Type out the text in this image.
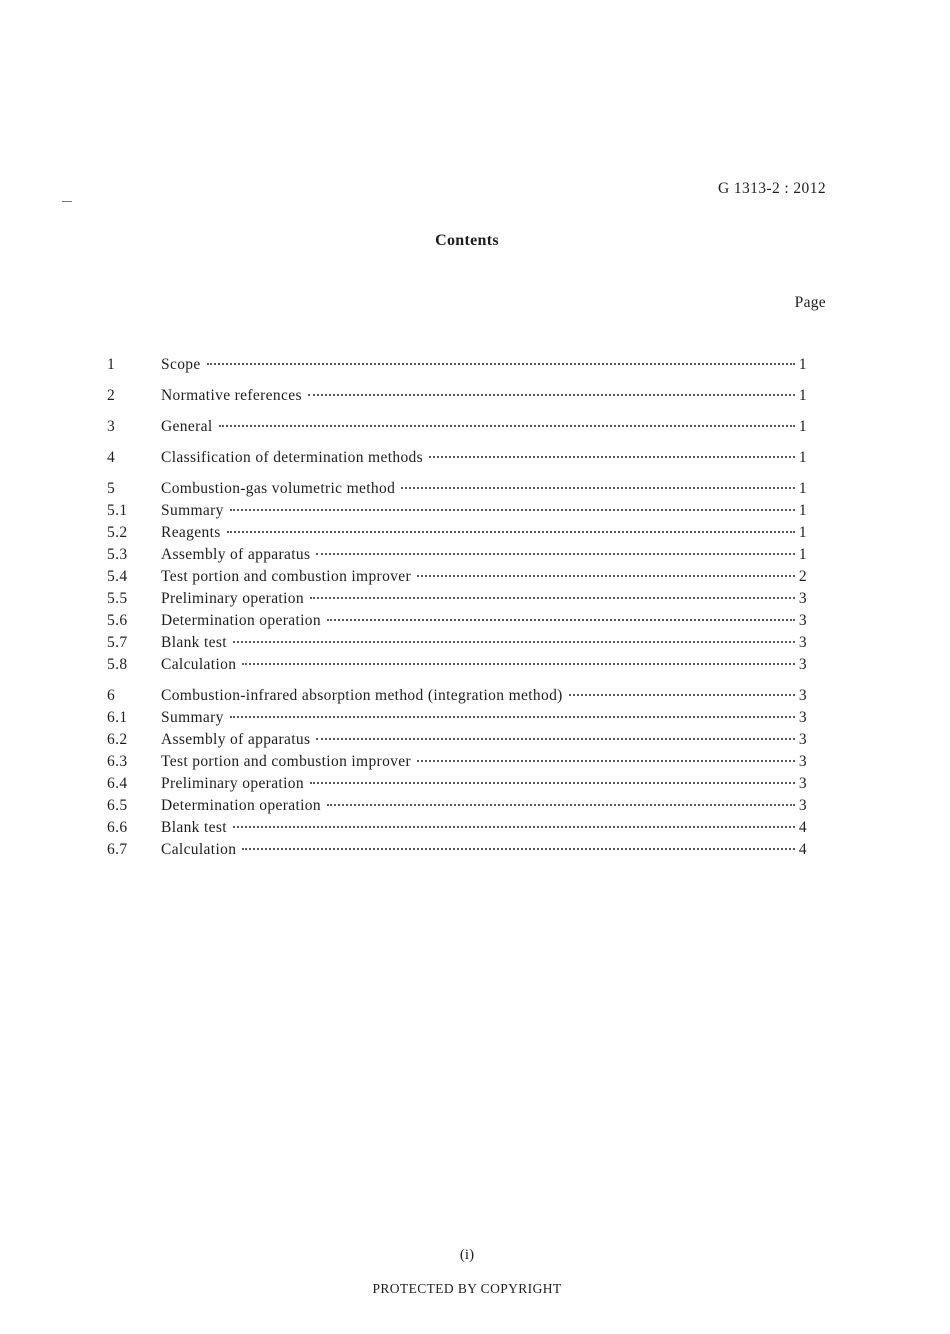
G 1313-2 : 2012
Contents
Page
1	Scope	1
2	Normative references	1
3	General	1
4	Classification of determination methods	1
5	Combustion-gas volumetric method	1
5.1	Summary	1
5.2	Reagents	1
5.3	Assembly of apparatus	1
5.4	Test portion and combustion improver	2
5.5	Preliminary operation	3
5.6	Determination operation	3
5.7	Blank test	3
5.8	Calculation	3
6	Combustion-infrared absorption method (integration method)	3
6.1	Summary	3
6.2	Assembly of apparatus	3
6.3	Test portion and combustion improver	3
6.4	Preliminary operation	3
6.5	Determination operation	3
6.6	Blank test	4
6.7	Calculation	4
(i)
PROTECTED BY COPYRIGHT
